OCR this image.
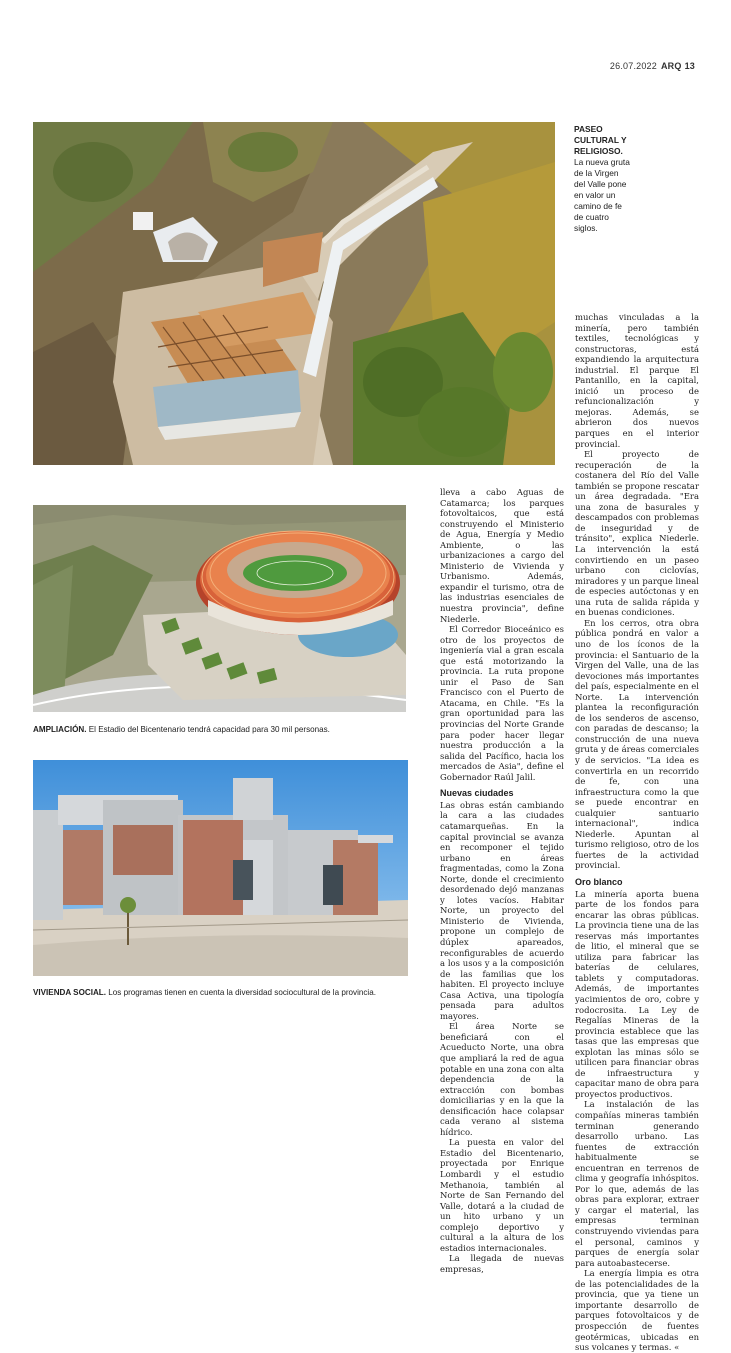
26.07.2022 ARQ 13
PASEO CULTURAL Y RELIGIOSO.
La nueva gruta de la Virgen del Valle pone en valor un camino de fe de cuatro siglos.
AMPLIACIÓN. El Estadio del Bicentenario tendrá capacidad para 30 mil personas.
VIVIENDA SOCIAL. Los programas tienen en cuenta la diversidad sociocultural de la provincia.

lleva a cabo Aguas de Catamarca; los parques fotovoltaicos, que está construyendo el Ministerio de Agua, Energía y Medio Ambiente, o las urbanizaciones a cargo del Ministerio de Vivienda y Urbanismo. Además, expandir el turismo, otra de las industrias esenciales de nuestra provincia", define Niederle.

El Corredor Bioceánico es otro de los proyectos de ingeniería vial a gran escala que está motorizando la provincia. La ruta propone unir el Paso de San Francisco con el Puerto de Atacama, en Chile. "Es la gran oportunidad para las provincias del Norte Grande para poder hacer llegar nuestra producción a la salida del Pacífico, hacia los mercados de Asia", define el Gobernador Raúl Jalil.

Nuevas ciudades

Las obras están cambiando la cara a las ciudades catamarqueñas. En la capital provincial se avanza en recomponer el tejido urbano en áreas fragmentadas, como la Zona Norte, donde el crecimiento desordenado dejó manzanas y lotes vacíos. Habitar Norte, un proyecto del Ministerio de Vivienda, propone un complejo de dúplex apareados, reconfigurables de acuerdo a los usos y a la composición de las familias que los habiten. El proyecto incluye Casa Activa, una tipología pensada para adultos mayores.

El área Norte se beneficiará con el Acueducto Norte, una obra que ampliará la red de agua potable en una zona con alta dependencia de la extracción con bombas domiciliarias y en la que la densificación hace colapsar cada verano al sistema hídrico.

La puesta en valor del Estadio del Bicentenario, proyectada por Enrique Lombardi y el estudio Methanoia, también al Norte de San Fernando del Valle, dotará a la ciudad de un hito urbano y un complejo deportivo y cultural a la altura de los estadios internacionales.

La llegada de nuevas empresas,

muchas vinculadas a la minería, pero también textiles, tecnológicas y constructoras, está expandiendo la arquitectura industrial. El parque El Pantanillo, en la capital, inició un proceso de refuncionalización y mejoras. Además, se abrieron dos nuevos parques en el interior provincial.

El proyecto de recuperación de la costanera del Río del Valle también se propone rescatar un área degradada. "Era una zona de basurales y descampados con problemas de inseguridad y de tránsito", explica Niederle. La intervención la está convirtiendo en un paseo urbano con ciclovías, miradores y un parque lineal de especies autóctonas y en una ruta de salida rápida y en buenas condiciones.

En los cerros, otra obra pública pondrá en valor a uno de los íconos de la provincia: el Santuario de la Virgen del Valle, una de las devociones más importantes del país, especialmente en el Norte. La intervención plantea la reconfiguración de los senderos de ascenso, con paradas de descanso; la construcción de una nueva gruta y de áreas comerciales y de servicios. "La idea es convertirla en un recorrido de fe, con una infraestructura como la que se puede encontrar en cualquier santuario internacional", indica Niederle. Apuntan al turismo religioso, otro de los fuertes de la actividad provincial.

Oro blanco

La minería aporta buena parte de los fondos para encarar las obras públicas. La provincia tiene una de las reservas más importantes de litio, el mineral que se utiliza para fabricar las baterías de celulares, tablets y computadoras. Además, de importantes yacimientos de oro, cobre y rodocrosita. La Ley de Regalías Mineras de la provincia establece que las tasas que las empresas que explotan las minas sólo se utilicen para financiar obras de infraestructura y capacitar mano de obra para proyectos productivos.

La instalación de las compañías mineras también terminan generando desarrollo urbano. Las fuentes de extracción habitualmente se encuentran en terrenos de clima y geografía inhóspitos. Por lo que, además de las obras para explorar, extraer y cargar el material, las empresas terminan construyendo viviendas para el personal, caminos y parques de energía solar para autoabastecerse.

La energía limpia es otra de las potencialidades de la provincia, que ya tiene un importante desarrollo de parques fotovoltaicos y de prospección de fuentes geotérmicas, ubicadas en sus volcanes y termas. «
